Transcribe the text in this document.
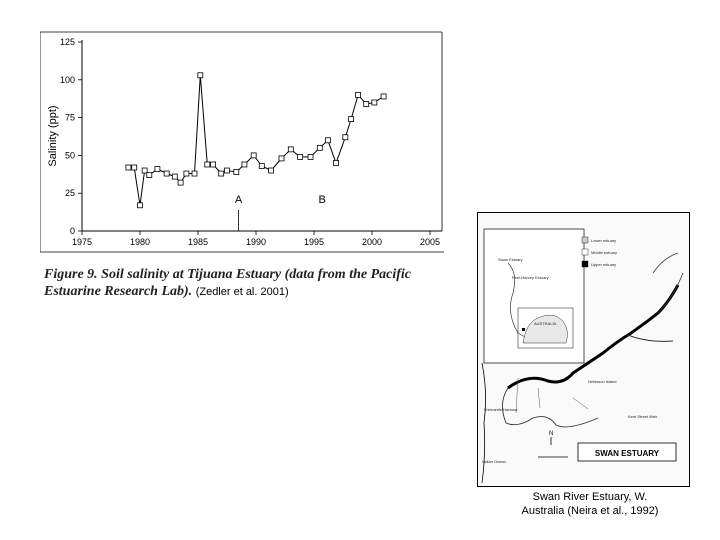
0
25
50
75
100
125
1975	1980	1985	1990	1995	2000	2005
Salinity (ppt)
A	B
Figure 9. Soil salinity at Tijuana Estuary (data from the Pacific Estuarine Research Lab). (Zedler et al. 2001)
Swan Estuary
Peel-Harvey Estuary
AUSTRALIA
Lower estuary
Middle estuary
Upper estuary
Heirisson Island
Kent Street Weir
Fremantle Harbour
Indian Ocean
N
SWAN ESTUARY
Swan River Estuary, W.
Australia (Neira et al., 1992)
